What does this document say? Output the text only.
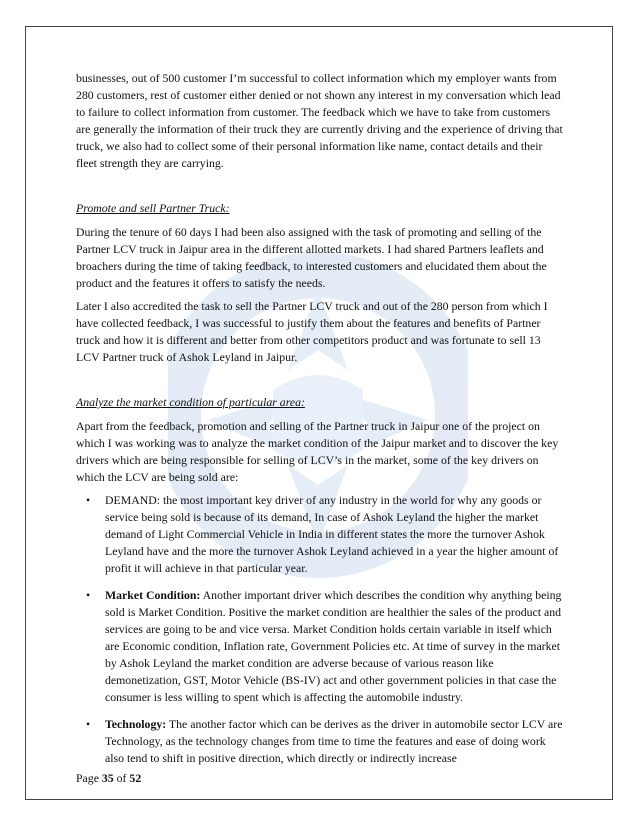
businesses, out of 500 customer I’m successful to collect information which my employer wants from 280 customers, rest of customer either denied or not shown any interest in my conversation which lead to failure to collect information from customer. The feedback which we have to take from customers are generally the information of their truck they are currently driving and the experience of driving that truck, we also had to collect some of their personal information like name, contact details and their fleet strength they are carrying.

Promote and sell Partner Truck:

During the tenure of 60 days I had been also assigned with the task of promoting and selling of the Partner LCV truck in Jaipur area in the different allotted markets. I had shared Partners leaflets and broachers during the time of taking feedback, to interested customers and elucidated them about the product and the features it offers to satisfy the needs.

Later I also accredited the task to sell the Partner LCV truck and out of the 280 person from which I have collected feedback, I was successful to justify them about the features and benefits of Partner truck and how it is different and better from other competitors product and was fortunate to sell 13 LCV Partner truck of Ashok Leyland in Jaipur.

Analyze the market condition of particular area:

Apart from the feedback, promotion and selling of the Partner truck in Jaipur one of the project on which I was working was to analyze the market condition of the Jaipur market and to discover the key drivers which are being responsible for selling of LCV’s in the market, some of the key drivers on which the LCV are being sold are:

• DEMAND: the most important key driver of any industry in the world for why any goods or service being sold is because of its demand, In case of Ashok Leyland the higher the market demand of Light Commercial Vehicle in India in different states the more the turnover Ashok Leyland have and the more the turnover Ashok Leyland achieved in a year the higher amount of profit it will achieve in that particular year.
• Market Condition: Another important driver which describes the condition why anything being sold is Market Condition. Positive the market condition are healthier the sales of the product and services are going to be and vice versa. Market Condition holds certain variable in itself which are Economic condition, Inflation rate, Government Policies etc. At time of survey in the market by Ashok Leyland the market condition are adverse because of various reason like demonetization, GST, Motor Vehicle (BS-IV) act and other government policies in that case the consumer is less willing to spent which is affecting the automobile industry.
• Technology: The another factor which can be derives as the driver in automobile sector LCV are Technology, as the technology changes from time to time the features and ease of doing work also tend to shift in positive direction, which directly or indirectly increase
Page 35 of 52
